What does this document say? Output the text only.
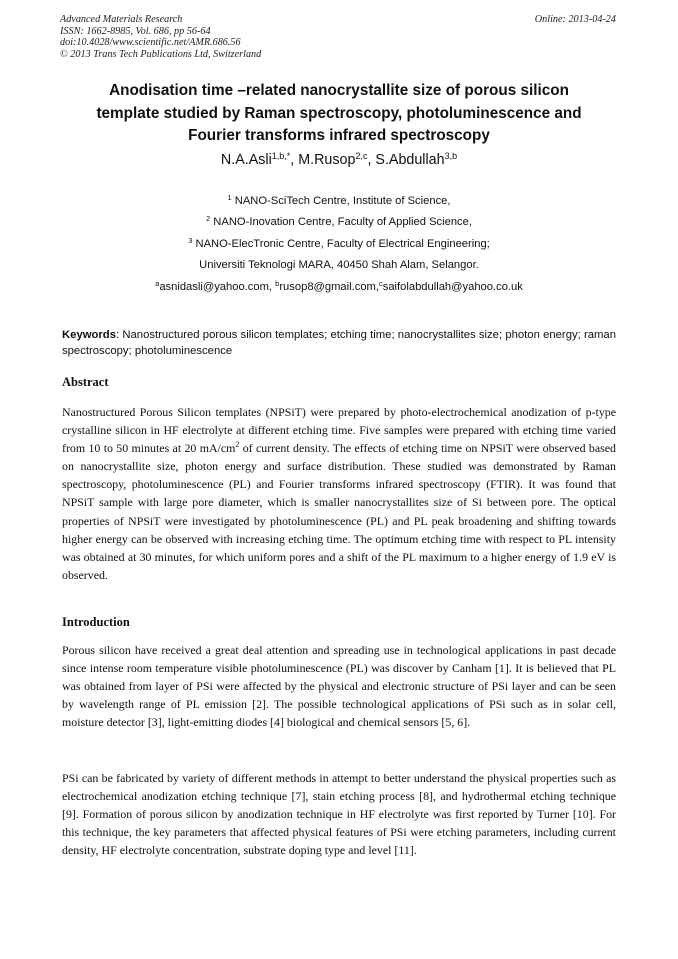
Advanced Materials Research
ISSN: 1662-8985, Vol. 686, pp 56-64
doi:10.4028/www.scientific.net/AMR.686.56
© 2013 Trans Tech Publications Ltd, Switzerland
Online: 2013-04-24
Anodisation time –related nanocrystallite size of porous silicon
template studied by Raman spectroscopy, photoluminescence and
Fourier transforms infrared spectroscopy
N.A.Asli$^{1,b,*}$, M.Rusop$^{2,c}$, S.Abdullah$^{3,b}$
$^1$ NANO-SciTech Centre, Institute of Science,
$^2$ NANO-Inovation Centre, Faculty of Applied Science,
$^3$ NANO-ElecTronic Centre, Faculty of Electrical Engineering;
Universiti Teknologi MARA, 40450 Shah Alam, Selangor.
$^a$asnidasli@yahoo.com, $^b$rusop8@gmail.com,$^c$saifolabdullah@yahoo.co.uk
Keywords: Nanostructured porous silicon templates; etching time; nanocrystallites size; photon energy; raman spectroscopy; photoluminescence
Abstract
Nanostructured Porous Silicon templates (NPSiT) were prepared by photo-electrochemical anodization of p-type crystalline silicon in HF electrolyte at different etching time. Five samples were prepared with etching time varied from 10 to 50 minutes at 20 $mA/cm^2$ of current density. The effects of etching time on NPSiT were observed based on nanocrystallite size, photon energy and surface distribution. These studied was demonstrated by Raman spectroscopy, photoluminescence (PL) and Fourier transforms infrared spectroscopy (FTIR). It was found that NPSiT sample with large pore diameter, which is smaller nanocrystallites size of Si between pore. The optical properties of NPSiT were investigated by photoluminescence (PL) and PL peak broadening and shifting towards higher energy can be observed with increasing etching time. The optimum etching time with respect to PL intensity was obtained at 30 minutes, for which uniform pores and a shift of the PL maximum to a higher energy of 1.9 eV is observed.
Introduction
Porous silicon have received a great deal attention and spreading use in technological applications in past decade since intense room temperature visible photoluminescence (PL) was discover by Canham [1]. It is believed that PL was obtained from layer of PSi were affected by the physical and electronic structure of PSi layer and can be seen by wavelength range of PL emission [2]. The possible technological applications of PSi such as in solar cell, moisture detector [3], light-emitting diodes [4] biological and chemical sensors [5, 6].
PSi can be fabricated by variety of different methods in attempt to better understand the physical properties such as electrochemical anodization etching technique [7], stain etching process [8], and hydrothermal etching technique [9]. Formation of porous silicon by anodization technique in HF electrolyte was first reported by Turner [10]. For this technique, the key parameters that affected physical features of PSi were etching parameters, including current density, HF electrolyte concentration, substrate doping type and level [11].
